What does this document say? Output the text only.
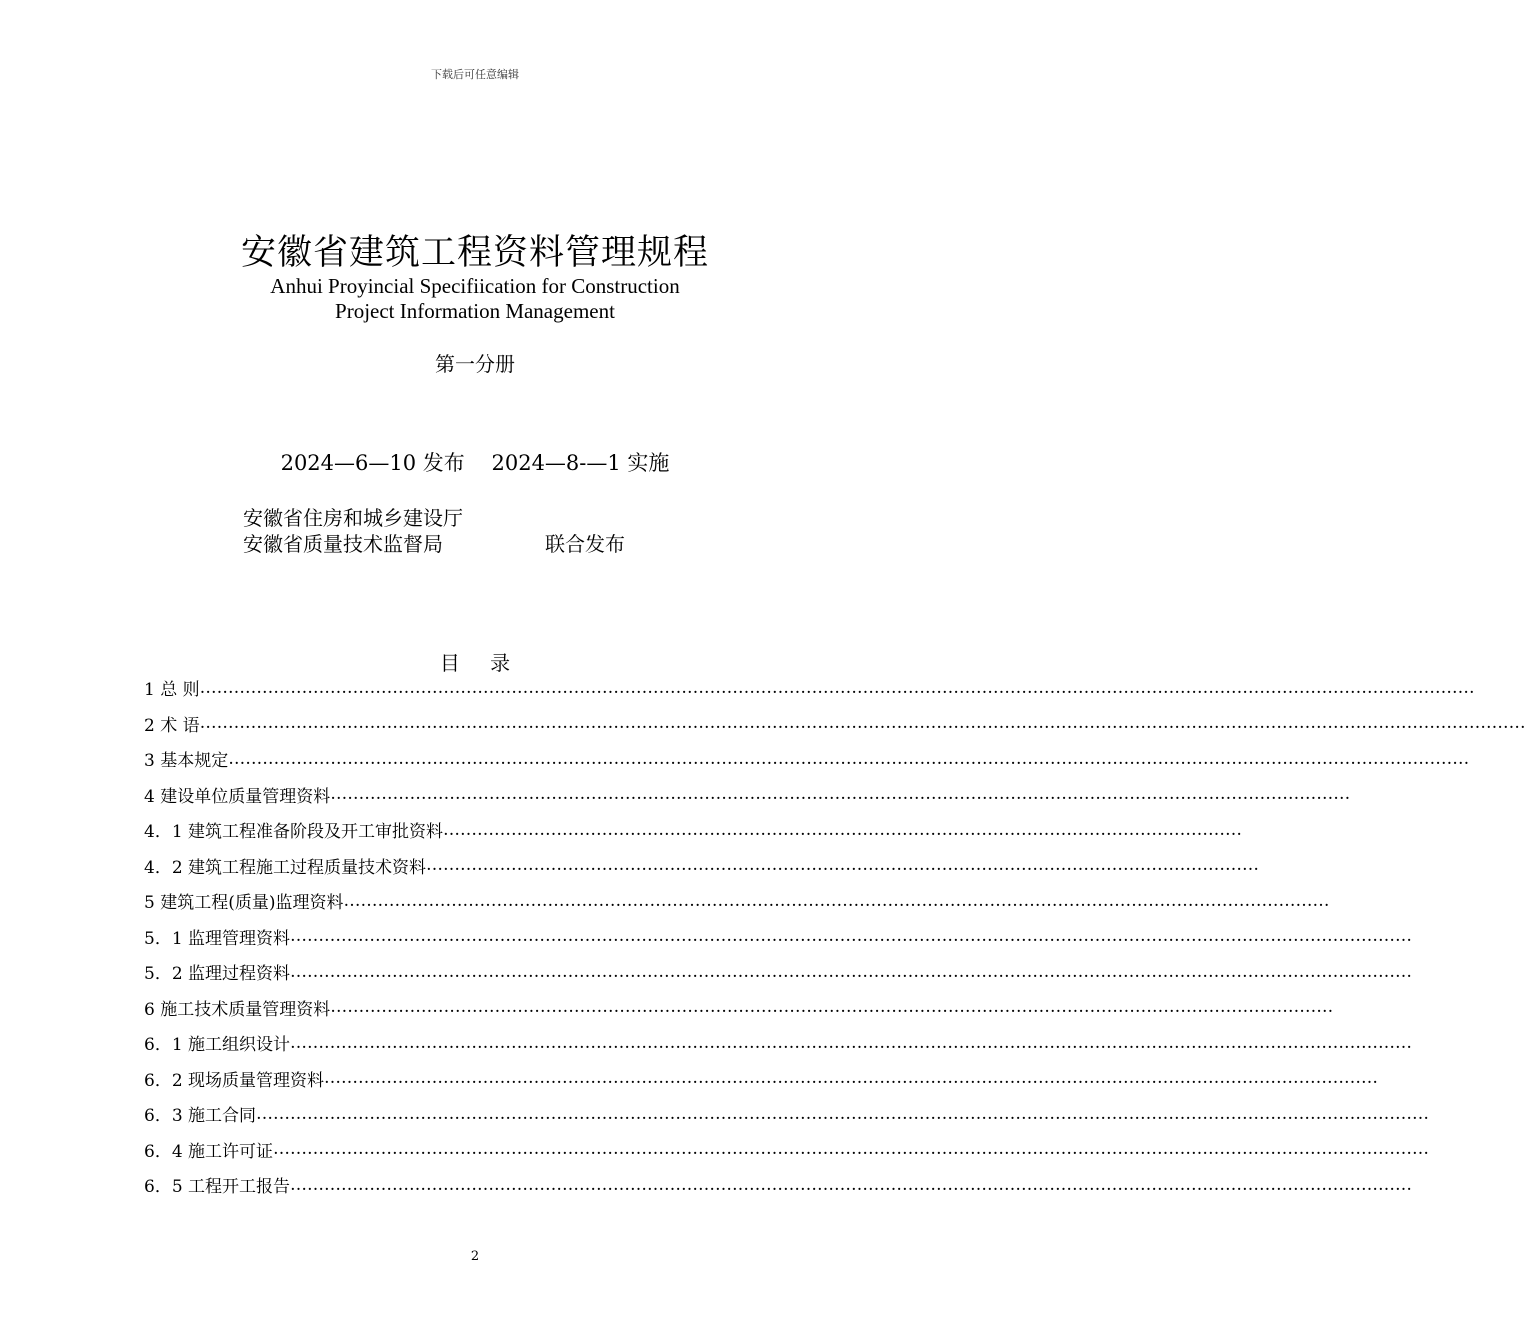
下载后可任意编辑
安徽省建筑工程资料管理规程
Anhui Proyincial Specifiication for Construction
Project Information Management
第一分册
2024—6—10 发布    2024—8-—1 实施
安徽省住房和城乡建设厅
安徽省质量技术监督局	联合发布
目 录
1 总 则 ………………………………………………………………………………………………………………………………………………………………………………………………………
2 术 语 ………………………………………………………………………………………………………………………………………………………………………………………………………………
3 基本规定 …………………………………………………………………………………………………………………………………………………………………………………………………
4 建设单位质量管理资料 ………………………………………………………………………………………………………………………………………………………………
4．1 建筑工程准备阶段及开工审批资料 ……………………………………………………………………………………………………………………………
4．2 建筑工程施工过程质量技术资料 …………………………………………………………………………………………………………………………………
5 建筑工程(质量)监理资料 …………………………………………………………………………………………………………………………………………………………
5．1 监理管理资料 ………………………………………………………………………………………………………………………………………………………………………………
5．2 监理过程资料 ………………………………………………………………………………………………………………………………………………………………………………
6 施工技术质量管理资料 ……………………………………………………………………………………………………………………………………………………………
6．1 施工组织设计 ………………………………………………………………………………………………………………………………………………………………………………
6．2 现场质量管理资料 ……………………………………………………………………………………………………………………………………………………………………
6．3 施工合同 ………………………………………………………………………………………………………………………………………………………………………………………
6．4 施工许可证 ……………………………………………………………………………………………………………………………………………………………………………………
6．5 工程开工报告 ………………………………………………………………………………………………………………………………………………………………………………
2
